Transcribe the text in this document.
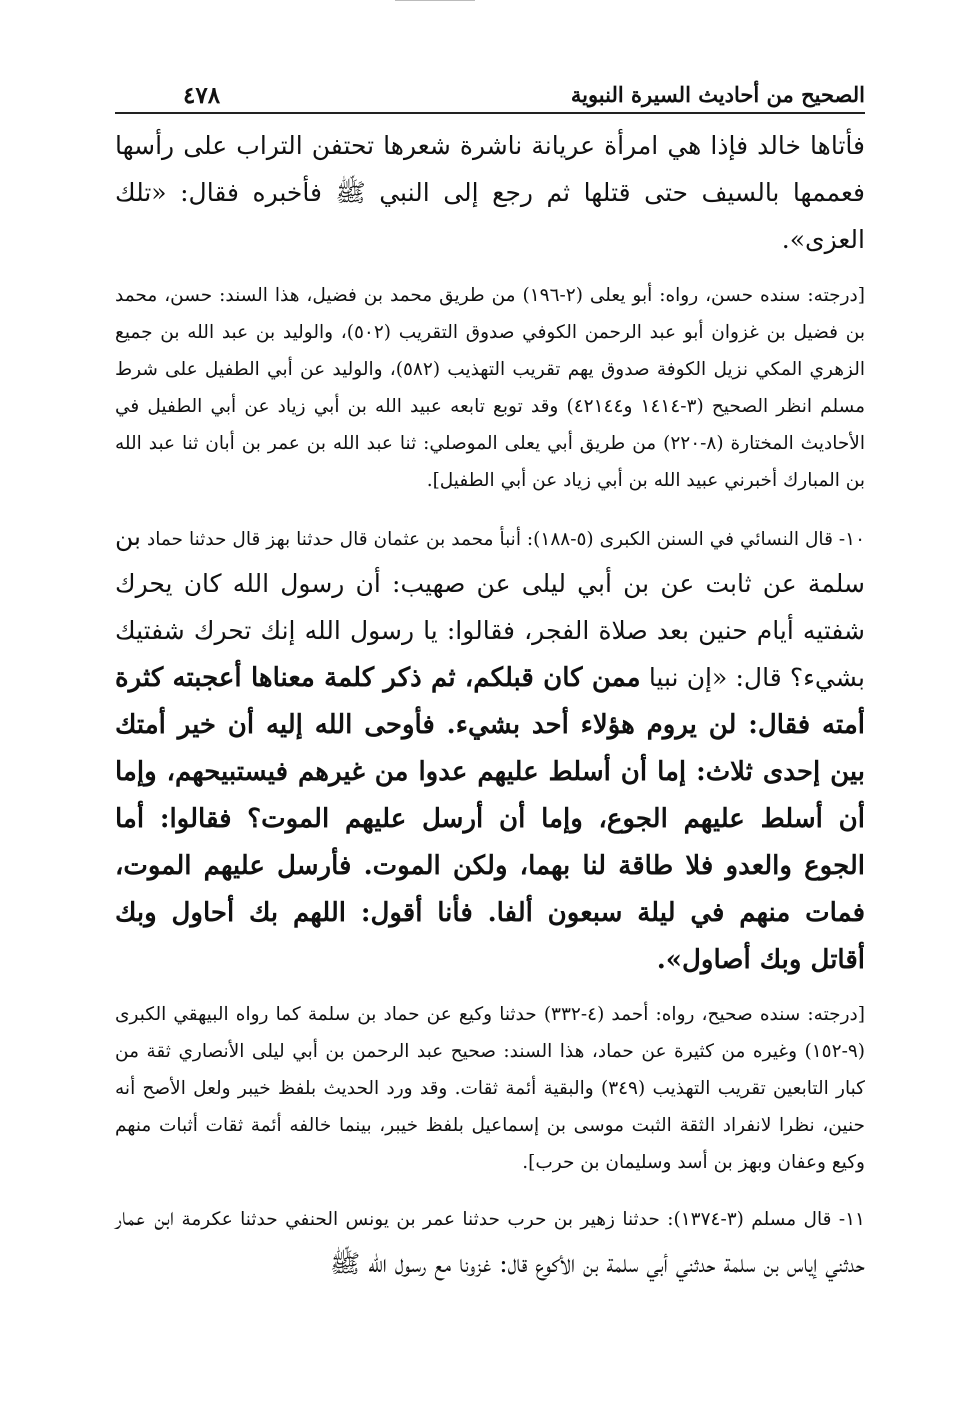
الصحيح من أحاديث السيرة النبوية
٤٧٨

فأتاها خالد فإذا هي امرأة عريانة ناشرة شعرها تحتفن التراب على رأسها فعممها بالسيف حتى قتلها ثم رجع إلى النبي ﷺ فأخبره فقال: «تلك العزى».

[درجته: سنده حسن، رواه: أبو يعلى (٢-١٩٦) من طريق محمد بن فضيل، هذا السند: حسن، محمد بن فضيل بن غزوان أبو عبد الرحمن الكوفي صدوق التقريب (٥٠٢)، والوليد بن عبد الله بن جميع الزهري المكي نزيل الكوفة صدوق يهم تقريب التهذيب (٥٨٢)، والوليد عن أبي الطفيل على شرط مسلم انظر الصحيح (٣-١٤١٤ و٤٢١٤٤) وقد توبع تابعه عبيد الله بن أبي زياد عن أبي الطفيل في الأحاديث المختارة (٨-٢٢٠) من طريق أبي يعلى الموصلي: ثنا عبد الله بن عمر بن أبان ثنا عبد الله بن المبارك أخبرني عبيد الله بن أبي زياد عن أبي الطفيل].

١٠- قال النسائي في السنن الكبرى (٥-١٨٨): أنبأ محمد بن عثمان قال حدثنا بهز قال حدثنا حماد بن سلمة عن ثابت عن بن أبي ليلى عن صهيب: أن رسول الله كان يحرك شفتيه أيام حنين بعد صلاة الفجر، فقالوا: يا رسول الله إنك تحرك شفتيك بشيء؟ قال: «إن نبيا ممن كان قبلكم، ثم ذكر كلمة معناها أعجبته كثرة أمته فقال: لن يروم هؤلاء أحد بشيء. فأوحى الله إليه أن خير أمتك بين إحدى ثلاث: إما أن أسلط عليهم عدوا من غيرهم فيستبيحهم، وإما أن أسلط عليهم الجوع، وإما أن أرسل عليهم الموت؟ فقالوا: أما الجوع والعدو فلا طاقة لنا بهما، ولكن الموت. فأرسل عليهم الموت، فمات منهم في ليلة سبعون ألفا. فأنا أقول: اللهم بك أحاول وبك أقاتل وبك أصاول».

[درجته: سنده صحيح، رواه: أحمد (٤-٣٣٢) حدثنا وكيع عن حماد بن سلمة كما رواه البيهقي الكبرى (٩-١٥٢) وغيره من كثيرة عن حماد، هذا السند: صحيح عبد الرحمن بن أبي ليلى الأنصاري ثقة من كبار التابعين تقريب التهذيب (٣٤٩) والبقية أئمة ثقات. وقد ورد الحديث بلفظ خيبر ولعل الأصح أنه حنين، نظرا لانفراد الثقة الثبت موسى بن إسماعيل بلفظ خيبر، بينما خالفه أئمة ثقات أثبات منهم وكيع وعفان وبهز بن أسد وسليمان بن حرب].

١١- قال مسلم (٣-١٣٧٤): حدثنا زهير بن حرب حدثنا عمر بن يونس الحنفي حدثنا عكرمة ابن عمار حدثني إياس بن سلمة حدثني أبي سلمة بن الأكوع قال: غزونا مع رسول الله ﷺ
